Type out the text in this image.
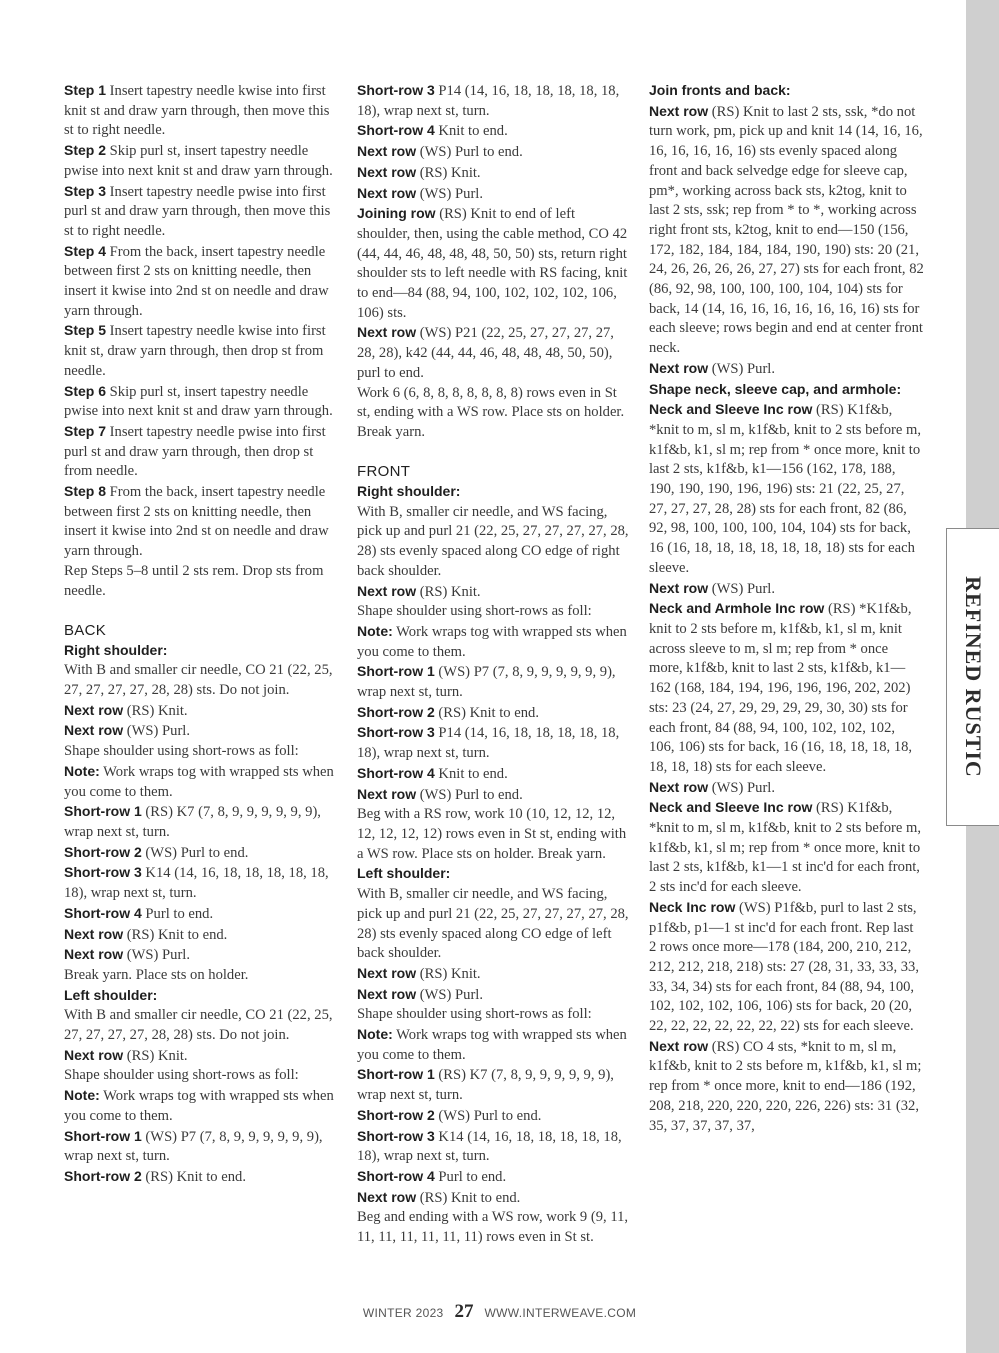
REFINED RUSTIC

Step 1 Insert tapestry needle kwise into first knit st and draw yarn through, then move this st to right needle.

Step 2 Skip purl st, insert tapestry needle pwise into next knit st and draw yarn through.

Step 3 Insert tapestry needle pwise into first purl st and draw yarn through, then move this st to right needle.

Step 4 From the back, insert tapestry needle between first 2 sts on knitting needle, then insert it kwise into 2nd st on needle and draw yarn through.

Step 5 Insert tapestry needle kwise into first knit st, draw yarn through, then drop st from needle.

Step 6 Skip purl st, insert tapestry needle pwise into next knit st and draw yarn through.

Step 7 Insert tapestry needle pwise into first purl st and draw yarn through, then drop st from needle.

Step 8 From the back, insert tapestry needle between first 2 sts on knitting needle, then insert it kwise into 2nd st on needle and draw yarn through.

Rep Steps 5–8 until 2 sts rem. Drop sts from needle.

BACK

Right shoulder:

With B and smaller cir needle, CO 21 (22, 25, 27, 27, 27, 27, 28, 28) sts. Do not join.

Next row (RS) Knit.

Next row (WS) Purl.

Shape shoulder using short-rows as foll:

Note: Work wraps tog with wrapped sts when you come to them.

Short-row 1 (RS) K7 (7, 8, 9, 9, 9, 9, 9, 9), wrap next st, turn.

Short-row 2 (WS) Purl to end.

Short-row 3 K14 (14, 16, 18, 18, 18, 18, 18, 18), wrap next st, turn.

Short-row 4 Purl to end.

Next row (RS) Knit to end.

Next row (WS) Purl.

Break yarn. Place sts on holder.

Left shoulder:

With B and smaller cir needle, CO 21 (22, 25, 27, 27, 27, 27, 28, 28) sts. Do not join.

Next row (RS) Knit.

Shape shoulder using short-rows as foll:

Note: Work wraps tog with wrapped sts when you come to them.

Short-row 1 (WS) P7 (7, 8, 9, 9, 9, 9, 9, 9), wrap next st, turn.

Short-row 2 (RS) Knit to end.

Short-row 3 P14 (14, 16, 18, 18, 18, 18, 18, 18), wrap next st, turn.

Short-row 4 Knit to end.

Next row (WS) Purl to end.

Next row (RS) Knit.

Next row (WS) Purl.

Joining row (RS) Knit to end of left shoulder, then, using the cable method, CO 42 (44, 44, 46, 48, 48, 48, 50, 50) sts, return right shoulder sts to left needle with RS facing, knit to end—84 (88, 94, 100, 102, 102, 102, 106, 106) sts.

Next row (WS) P21 (22, 25, 27, 27, 27, 27, 28, 28), k42 (44, 44, 46, 48, 48, 48, 50, 50), purl to end.

Work 6 (6, 8, 8, 8, 8, 8, 8, 8) rows even in St st, ending with a WS row. Place sts on holder. Break yarn.

FRONT

Right shoulder:

With B, smaller cir needle, and WS facing, pick up and purl 21 (22, 25, 27, 27, 27, 27, 28, 28) sts evenly spaced along CO edge of right back shoulder.

Next row (RS) Knit.

Shape shoulder using short-rows as foll:

Note: Work wraps tog with wrapped sts when you come to them.

Short-row 1 (WS) P7 (7, 8, 9, 9, 9, 9, 9, 9), wrap next st, turn.

Short-row 2 (RS) Knit to end.

Short-row 3 P14 (14, 16, 18, 18, 18, 18, 18, 18), wrap next st, turn.

Short-row 4 Knit to end.

Next row (WS) Purl to end.

Beg with a RS row, work 10 (10, 12, 12, 12, 12, 12, 12, 12) rows even in St st, ending with a WS row. Place sts on holder. Break yarn.

Left shoulder:

With B, smaller cir needle, and WS facing, pick up and purl 21 (22, 25, 27, 27, 27, 27, 28, 28) sts evenly spaced along CO edge of left back shoulder.

Next row (RS) Knit.

Next row (WS) Purl.

Shape shoulder using short-rows as foll:

Note: Work wraps tog with wrapped sts when you come to them.

Short-row 1 (RS) K7 (7, 8, 9, 9, 9, 9, 9, 9), wrap next st, turn.

Short-row 2 (WS) Purl to end.

Short-row 3 K14 (14, 16, 18, 18, 18, 18, 18, 18), wrap next st, turn.

Short-row 4 Purl to end.

Next row (RS) Knit to end.

Beg and ending with a WS row, work 9 (9, 11, 11, 11, 11, 11, 11, 11) rows even in St st.

Join fronts and back:

Next row (RS) Knit to last 2 sts, ssk, *do not turn work, pm, pick up and knit 14 (14, 16, 16, 16, 16, 16, 16, 16) sts evenly spaced along front and back selvedge edge for sleeve cap, pm*, working across back sts, k2tog, knit to last 2 sts, ssk; rep from * to *, working across right front sts, k2tog, knit to end—150 (156, 172, 182, 184, 184, 184, 190, 190) sts: 20 (21, 24, 26, 26, 26, 26, 27, 27) sts for each front, 82 (86, 92, 98, 100, 100, 100, 104, 104) sts for back, 14 (14, 16, 16, 16, 16, 16, 16, 16) sts for each sleeve; rows begin and end at center front neck.

Next row (WS) Purl.

Shape neck, sleeve cap, and armhole:

Neck and Sleeve Inc row (RS) K1f&b, *knit to m, sl m, k1f&b, knit to 2 sts before m, k1f&b, k1, sl m; rep from * once more, knit to last 2 sts, k1f&b, k1—156 (162, 178, 188, 190, 190, 190, 196, 196) sts: 21 (22, 25, 27, 27, 27, 27, 28, 28) sts for each front, 82 (86, 92, 98, 100, 100, 100, 104, 104) sts for back, 16 (16, 18, 18, 18, 18, 18, 18, 18) sts for each sleeve.

Next row (WS) Purl.

Neck and Armhole Inc row (RS) *K1f&b, knit to 2 sts before m, k1f&b, k1, sl m, knit across sleeve to m, sl m; rep from * once more, k1f&b, knit to last 2 sts, k1f&b, k1—162 (168, 184, 194, 196, 196, 196, 202, 202) sts: 23 (24, 27, 29, 29, 29, 29, 30, 30) sts for each front, 84 (88, 94, 100, 102, 102, 102, 106, 106) sts for back, 16 (16, 18, 18, 18, 18, 18, 18, 18) sts for each sleeve.

Next row (WS) Purl.

Neck and Sleeve Inc row (RS) K1f&b, *knit to m, sl m, k1f&b, knit to 2 sts before m, k1f&b, k1, sl m; rep from * once more, knit to last 2 sts, k1f&b, k1—1 st inc'd for each front, 2 sts inc'd for each sleeve.

Neck Inc row (WS) P1f&b, purl to last 2 sts, p1f&b, p1—1 st inc'd for each front. Rep last 2 rows once more—178 (184, 200, 210, 212, 212, 212, 218, 218) sts: 27 (28, 31, 33, 33, 33, 33, 34, 34) sts for each front, 84 (88, 94, 100, 102, 102, 102, 106, 106) sts for back, 20 (20, 22, 22, 22, 22, 22, 22, 22) sts for each sleeve.

Next row (RS) CO 4 sts, *knit to m, sl m, k1f&b, knit to 2 sts before m, k1f&b, k1, sl m; rep from * once more, knit to end—186 (192, 208, 218, 220, 220, 220, 226, 226) sts: 31 (32, 35, 37, 37, 37, 37,

WINTER 2023 27 WWW.INTERWEAVE.COM
